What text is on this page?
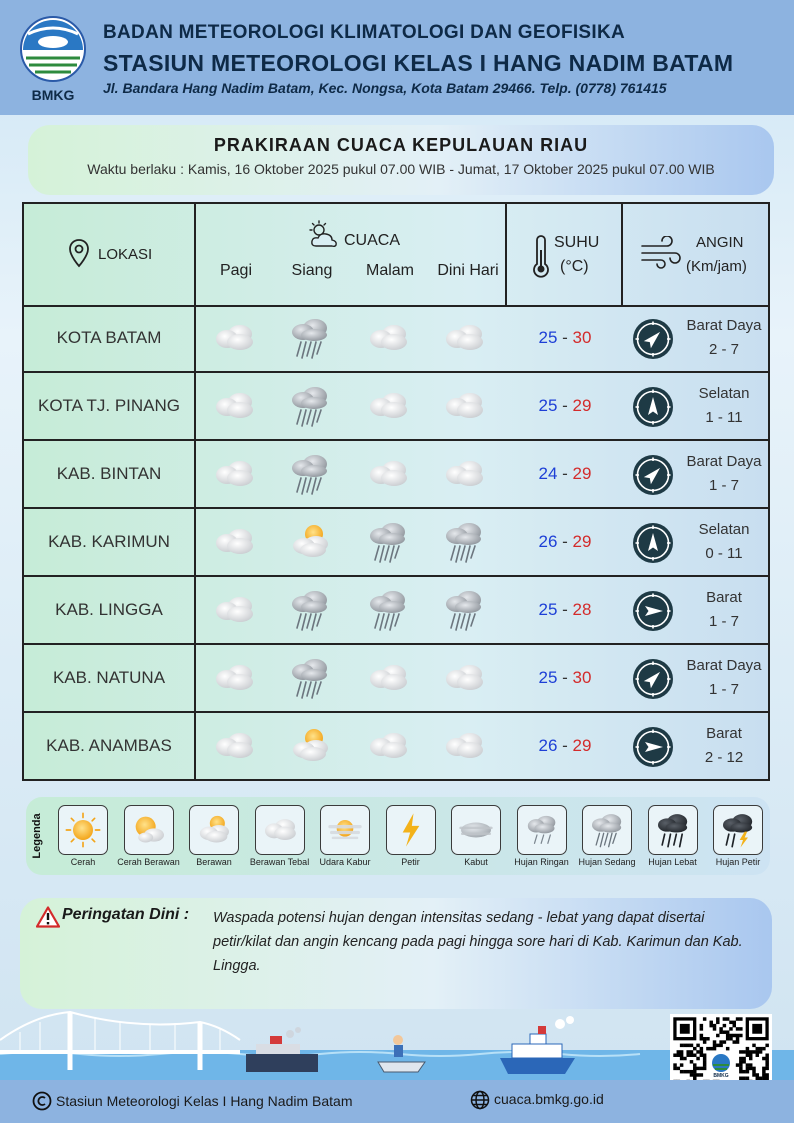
BMKG
BADAN METEOROLOGI KLIMATOLOGI DAN GEOFISIKA
STASIUN METEOROLOGI KELAS I HANG NADIM BATAM
Jl. Bandara Hang Nadim Batam, Kec. Nongsa, Kota Batam 29466. Telp. (0778) 761415
PRAKIRAAN CUACA KEPULAUAN RIAU
Waktu berlaku : Kamis, 16 Oktober 2025 pukul 07.00 WIB - Jumat, 17 Oktober 2025 pukul 07.00 WIB
LOKASI
CUACA
Pagi	Siang	Malam	Dini Hari
SUHU
(°C)
ANGIN
(Km/jam)
KOTA BATAM	25 - 30
Barat Daya
2 - 7
KOTA TJ. PINANG	25 - 29
Selatan
1 - 11
KAB. BINTAN	24 - 29
Barat Daya
1 - 7
KAB. KARIMUN	26 - 29
Selatan
0 - 11
KAB. LINGGA	25 - 28
Barat
1 - 7
KAB. NATUNA	25 - 30
Barat Daya
1 - 7
KAB. ANAMBAS	26 - 29
Barat
2 - 12
Legenda
Cerah	Cerah Berawan	Berawan	Berawan Tebal	Udara Kabur	Petir	Kabut	Hujan Ringan	Hujan Sedang	Hujan Lebat	Hujan Petir
Peringatan Dini : Waspada potensi hujan dengan intensitas sedang - lebat yang dapat disertai petir/kilat dan angin kencang pada pagi hingga sore hari di Kab. Karimun dan Kab. Lingga.
BMKG
Stasiun Meteorologi Kelas I Hang Nadim Batam	cuaca.bmkg.go.id
